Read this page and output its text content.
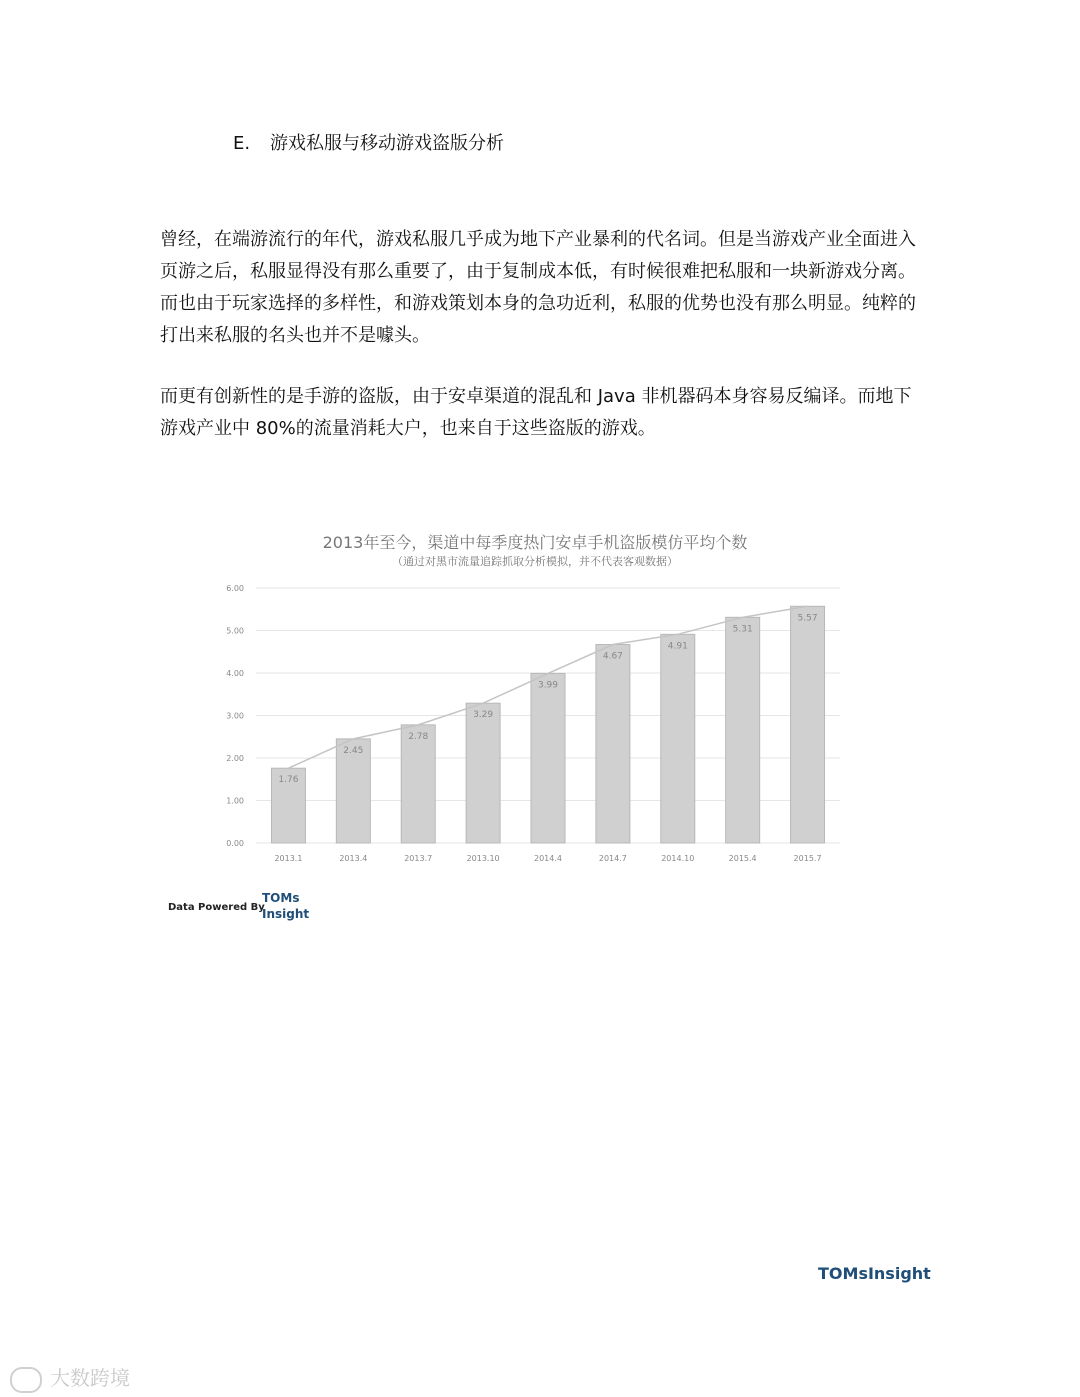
E. 游戏私服与移动游戏盗版分析

曾经，在端游流行的年代，游戏私服几乎成为地下产业暴利的代名词。但是当游戏产业全面进入页游之后，私服显得没有那么重要了，由于复制成本低，有时候很难把私服和一块新游戏分离。而也由于玩家选择的多样性，和游戏策划本身的急功近利，私服的优势也没有那么明显。纯粹的打出来私服的名头也并不是噱头。

而更有创新性的是手游的盗版，由于安卓渠道的混乱和 Java 非机器码本身容易反编译。而地下游戏产业中 80%的流量消耗大户，也来自于这些盗版的游戏。

0.00
1.00
2.00
3.00
4.00
5.00
6.00
1.76
2.45
2.78
3.29
3.99
4.67
4.91
5.31
5.57
2013.1	2013.4	2013.7	2013.10	2014.4	2014.7	2014.10	2015.4	2015.7
2013年至今，渠道中每季度热门安卓手机盗版模仿平均个数
（通过对黑市流量追踪抓取分析模拟，并不代表客观数据）
Data Powered By
TOMs
Insight
TOMsInsight
大数跨境
